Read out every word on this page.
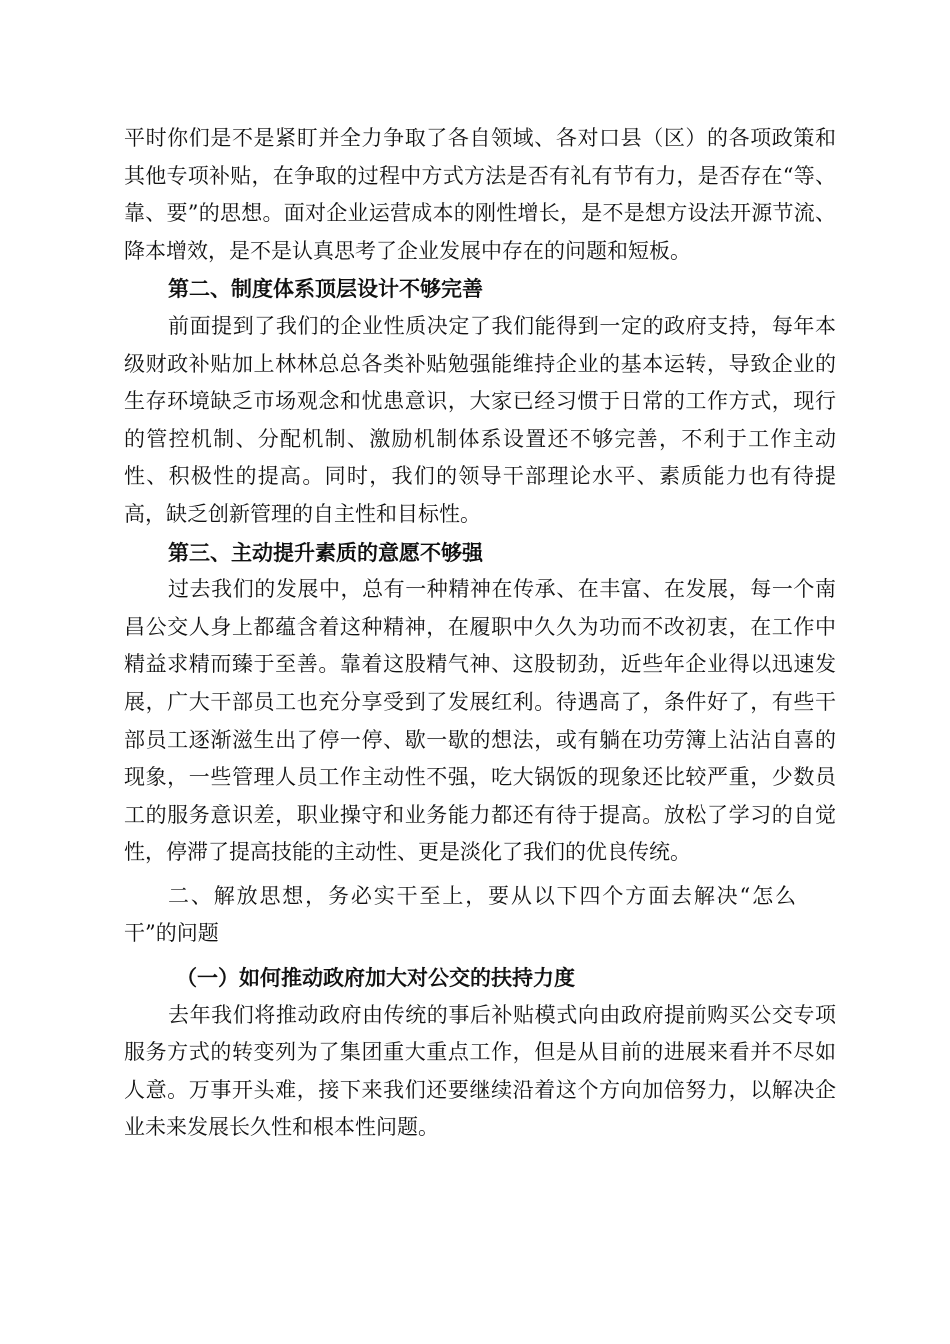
平时你们是不是紧盯并全力争取了各自领域、各对口县（区）的各项政策和其他专项补贴，在争取的过程中方式方法是否有礼有节有力，是否存在“等、靠、要”的思想。面对企业运营成本的刚性增长，是不是想方设法开源节流、降本增效，是不是认真思考了企业发展中存在的问题和短板。

第二、制度体系顶层设计不够完善

前面提到了我们的企业性质决定了我们能得到一定的政府支持，每年本级财政补贴加上林林总总各类补贴勉强能维持企业的基本运转，导致企业的生存环境缺乏市场观念和忧患意识，大家已经习惯于日常的工作方式，现行的管控机制、分配机制、激励机制体系设置还不够完善，不利于工作主动性、积极性的提高。同时，我们的领导干部理论水平、素质能力也有待提高，缺乏创新管理的自主性和目标性。

第三、主动提升素质的意愿不够强

过去我们的发展中，总有一种精神在传承、在丰富、在发展，每一个南昌公交人身上都蕴含着这种精神，在履职中久久为功而不改初衷，在工作中精益求精而臻于至善。靠着这股精气神、这股韧劲，近些年企业得以迅速发展，广大干部员工也充分享受到了发展红利。待遇高了，条件好了，有些干部员工逐渐滋生出了停一停、歇一歇的想法，或有躺在功劳簿上沾沾自喜的现象，一些管理人员工作主动性不强，吃大锅饭的现象还比较严重，少数员工的服务意识差，职业操守和业务能力都还有待于提高。放松了学习的自觉性，停滞了提高技能的主动性、更是淡化了我们的优良传统。

二、解放思想，务必实干至上，要从以下四个方面去解决“怎么干”的问题

（一）如何推动政府加大对公交的扶持力度

去年我们将推动政府由传统的事后补贴模式向由政府提前购买公交专项服务方式的转变列为了集团重大重点工作，但是从目前的进展来看并不尽如人意。万事开头难，接下来我们还要继续沿着这个方向加倍努力，以解决企业未来发展长久性和根本性问题。
